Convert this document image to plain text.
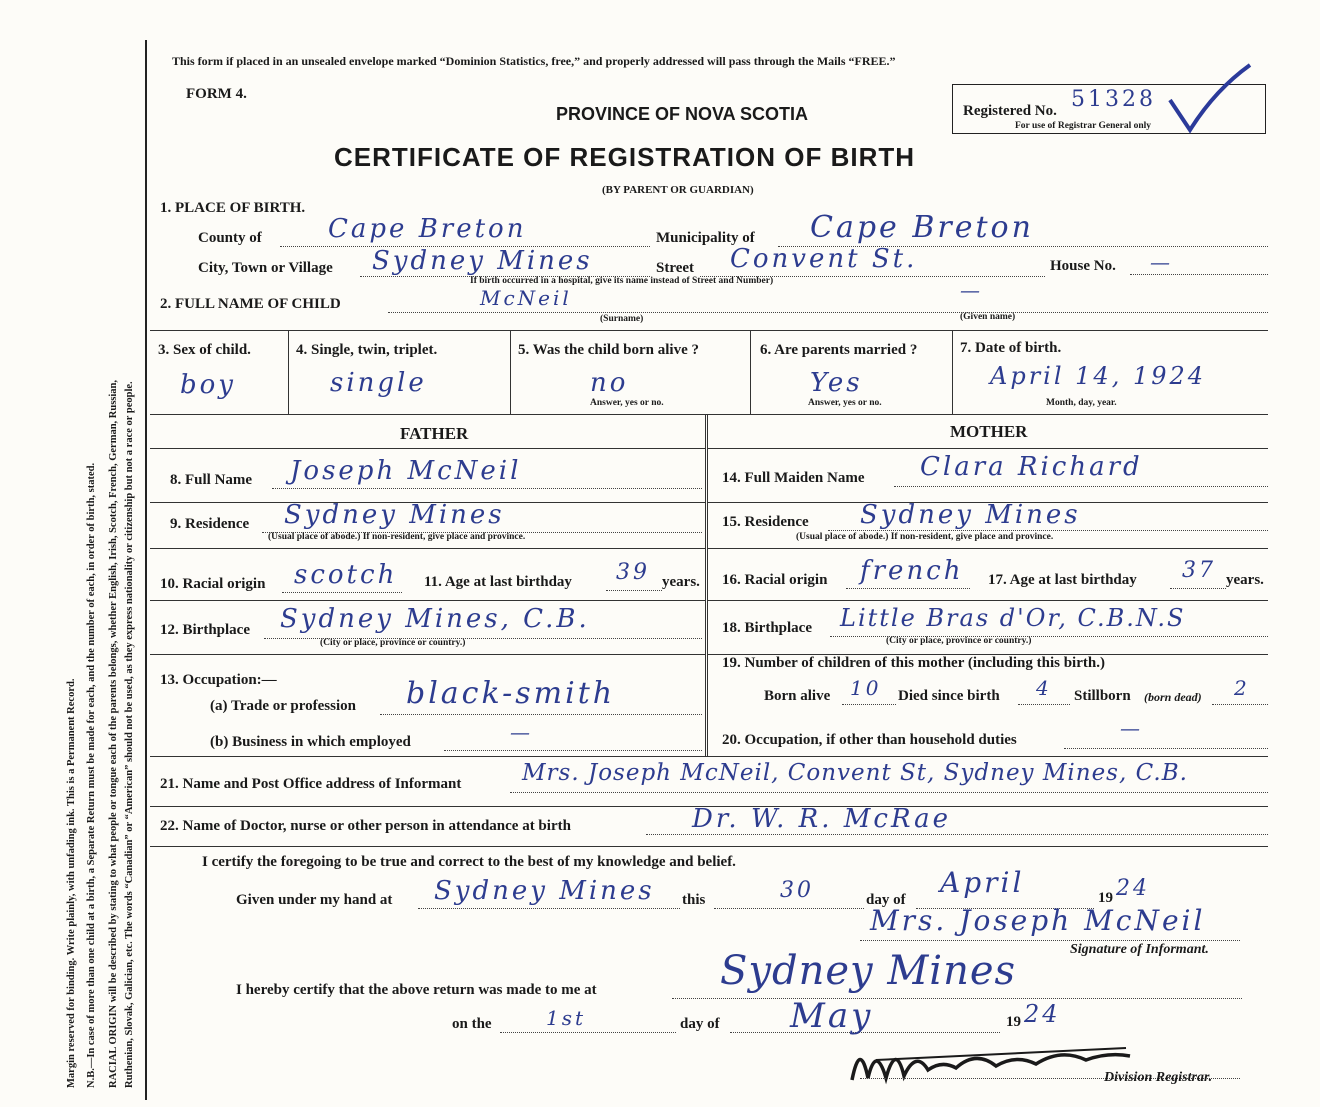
Margin reserved for binding. Write plainly, with unfading ink. This is a Permanent Record. N.B.—In case of more than one child at a birth, a Separate Return must be made for each, and the number of each, in order of birth, stated. RACIAL ORIGIN will be described by stating to what people or tongue each of the parents belongs, whether English, Irish, Scotch, French, German, Russian, Ruthenian, Slovak, Galician, etc. The words “Canadian” or “American” should not be used, as they express nationality or citizenship but not a race or people.
This form if placed in an unsealed envelope marked “Dominion Statistics, free,” and properly addressed will pass through the Mails “FREE.”
FORM 4.
PROVINCE OF NOVA SCOTIA
CERTIFICATE OF REGISTRATION OF BIRTH
(BY PARENT OR GUARDIAN)
Registered No. 51328
For use of Registrar General only
1. PLACE OF BIRTH.
County of	Cape Breton	Municipality of Cape Breton
City, Town or Village Sydney Mines	Street Convent St.	House No. —
If birth occurred in a hospital, give its name instead of Street and Number)
2. FULL NAME OF CHILD	McNeil	—
(Surname)	(Given name)
3. Sex of child.
boy
4. Single, twin, triplet.
single
5. Was the child born alive ?
no
Answer, yes or no.
6. Are parents married ?
Yes
Answer, yes or no.
7. Date of birth.
April 14, 1924
Month, day, year.
FATHER	MOTHER
8. Full Name Joseph McNeil
9. Residence Sydney Mines
(Usual place of abode.) If non-resident, give place and province.
10. Racial origin scotch 11. Age at last birthday 39 years.
12. Birthplace Sydney Mines, C.B.
(City or place, province or country.)
13. Occupation:—
(a) Trade or profession black-smith
(b) Business in which employed	—
14. Full Maiden Name Clara Richard
15. Residence Sydney Mines
(Usual place of abode.) If non-resident, give place and province.
16. Racial origin french 17. Age at last birthday 37 years.
18. Birthplace Little Bras d'Or, C.B.N.S
(City or place, province or country.)
19. Number of children of this mother (including this birth.)
Born alive 10 Died since birth 4 Stillborn (born dead) 2
20. Occupation, if other than household duties	—
21. Name and Post Office address of Informant	Mrs. Joseph McNeil, Convent St, Sydney Mines, C.B.
22. Name of Doctor, nurse or other person in attendance at birth	Dr. W. R. McRae
I certify the foregoing to be true and correct to the best of my knowledge and belief.
Given under my hand at Sydney Mines this	30	day of
April	19 24
Mrs. Joseph McNeil
Signature of Informant.
I hereby certify that the above return was made to me at	Sydney Mines
on the	1st	day of May	19 24
Division Registrar.
